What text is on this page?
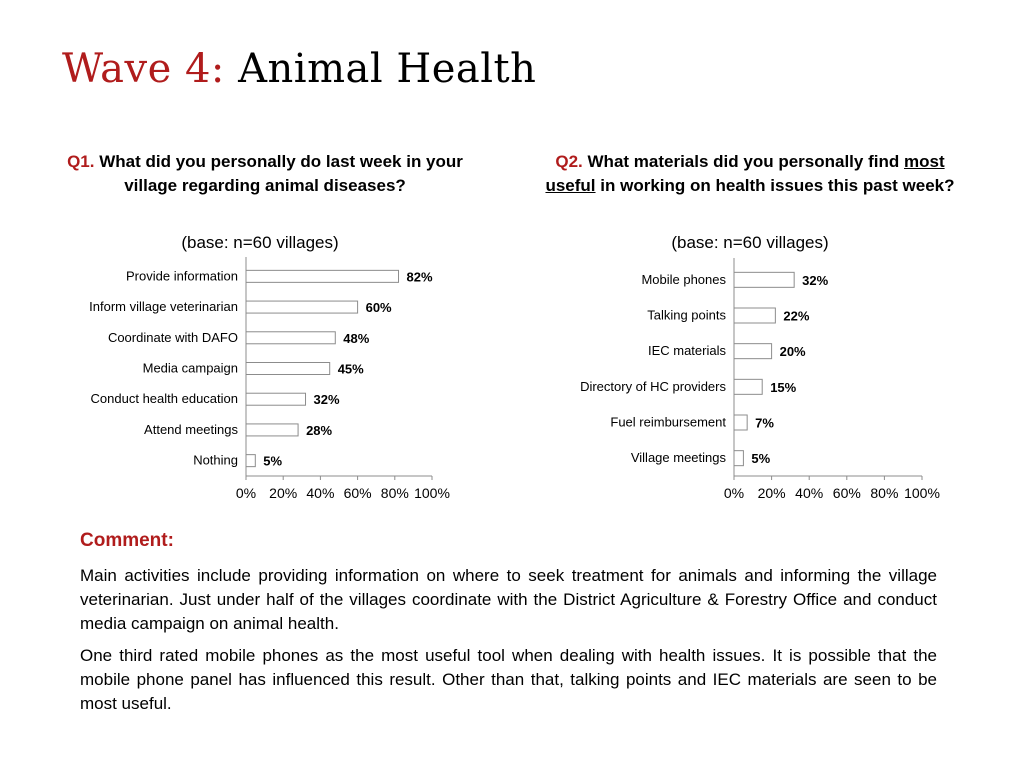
Wave 4: Animal Health
Q1. What did you personally do last week in your village regarding animal diseases?
(base: n=60 villages)
Q2. What materials did you personally find most useful in working on health issues this past week?
(base: n=60 villages)
Provide information	82%
Inform village veterinarian	60%
Coordinate with DAFO	48%
Media campaign	45%
Conduct health education	32%
Attend meetings	28%
Nothing 5%
0% 20% 40% 60% 80% 100%
Mobile phones	32%
Talking points	22%
IEC materials	20%
Directory of HC providers	15%
Fuel reimbursement 7%
Village meetings 5%
0% 20% 40% 60% 80% 100%
Comment:

Main activities include providing information on where to seek treatment for animals and informing the village veterinarian. Just under half of the villages coordinate with the District Agriculture & Forestry Office and conduct media campaign on animal health.

One third rated mobile phones as the most useful tool when dealing with health issues. It is possible that the mobile phone panel has influenced this result. Other than that, talking points and IEC materials are seen to be most useful.
